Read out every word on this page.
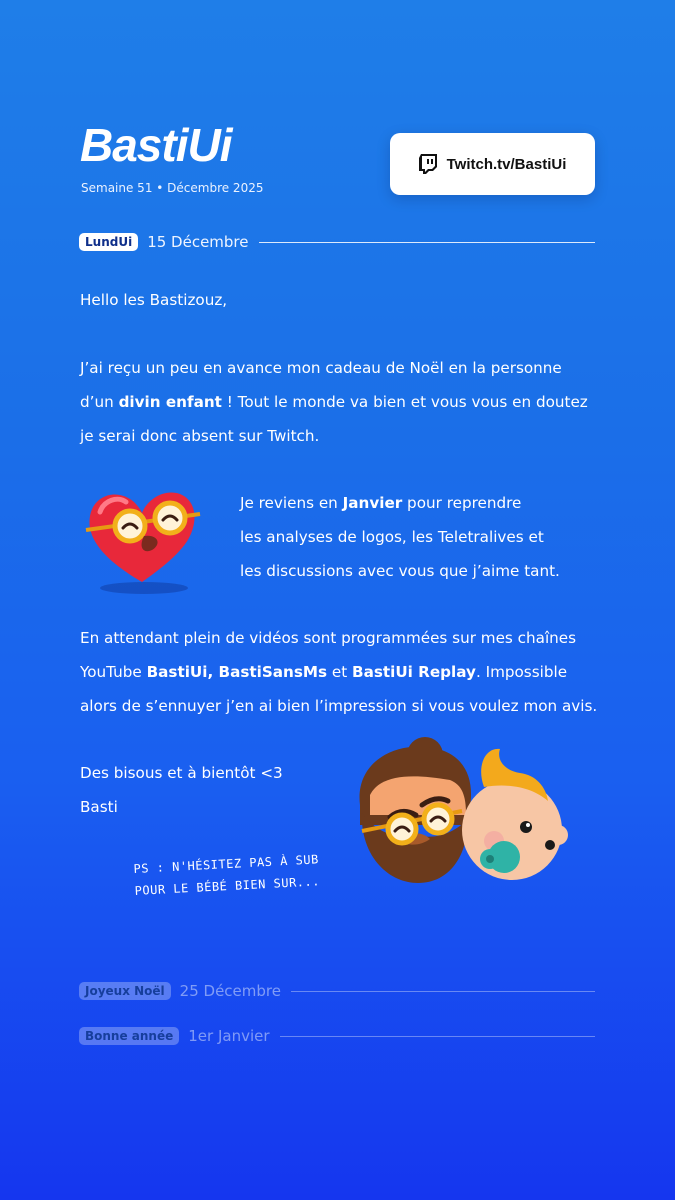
BastiUi
Semaine 51 • Décembre 2025
Twitch.tv/BastiUi
LundUi	15 Décembre
Hello les Bastizouz,
J’ai reçu un peu en avance mon cadeau de Noël en la personne
d’un divin enfant ! Tout le monde va bien et vous vous en doutez
je serai donc absent sur Twitch.
Je reviens en Janvier pour reprendre
les analyses de logos, les Teletralives et
les discussions avec vous que j’aime tant.
En attendant plein de vidéos sont programmées sur mes chaînes
YouTube BastiUi, BastiSansMs et BastiUi Replay. Impossible
alors de s’ennuyer j’en ai bien l’impression si vous voulez mon avis.
Des bisous et à bientôt <3
Basti
PS : N'HÉSITEZ PAS À SUB
POUR LE BÉBÉ BIEN SUR...
Joyeux Noël	25 Décembre
Bonne année	1er Janvier
